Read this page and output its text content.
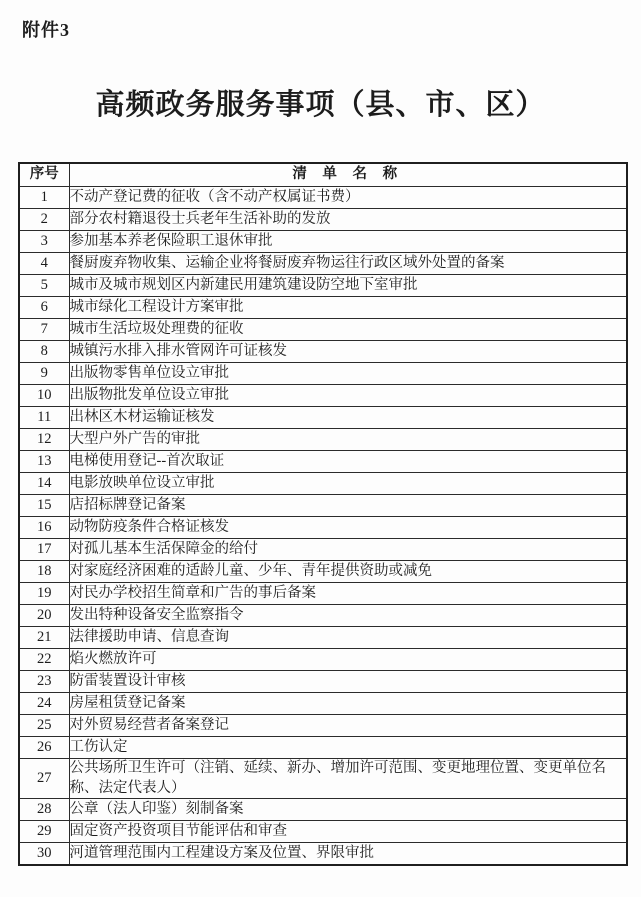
附件3
高频政务服务事项（县、市、区）
序号	清 单 名 称
1	不动产登记费的征收（含不动产权属证书费）
2	部分农村籍退役士兵老年生活补助的发放
3	参加基本养老保险职工退休审批
4	餐厨废弃物收集、运输企业将餐厨废弃物运往行政区域外处置的备案
5	城市及城市规划区内新建民用建筑建设防空地下室审批
6	城市绿化工程设计方案审批
7	城市生活垃圾处理费的征收
8	城镇污水排入排水管网许可证核发
9	出版物零售单位设立审批
10	出版物批发单位设立审批
11	出林区木材运输证核发
12	大型户外广告的审批
13	电梯使用登记--首次取证
14	电影放映单位设立审批
15	店招标牌登记备案
16	动物防疫条件合格证核发
17	对孤儿基本生活保障金的给付
18	对家庭经济困难的适龄儿童、少年、青年提供资助或减免
19	对民办学校招生简章和广告的事后备案
20	发出特种设备安全监察指令
21	法律援助申请、信息查询
22	焰火燃放许可
23	防雷装置设计审核
24	房屋租赁登记备案
25	对外贸易经营者备案登记
26	工伤认定
27	公共场所卫生许可（注销、延续、新办、增加许可范围、变更地理位置、变更单位名称、法定代表人）
28	公章（法人印鉴）刻制备案
29	固定资产投资项目节能评估和审查
30	河道管理范围内工程建设方案及位置、界限审批
